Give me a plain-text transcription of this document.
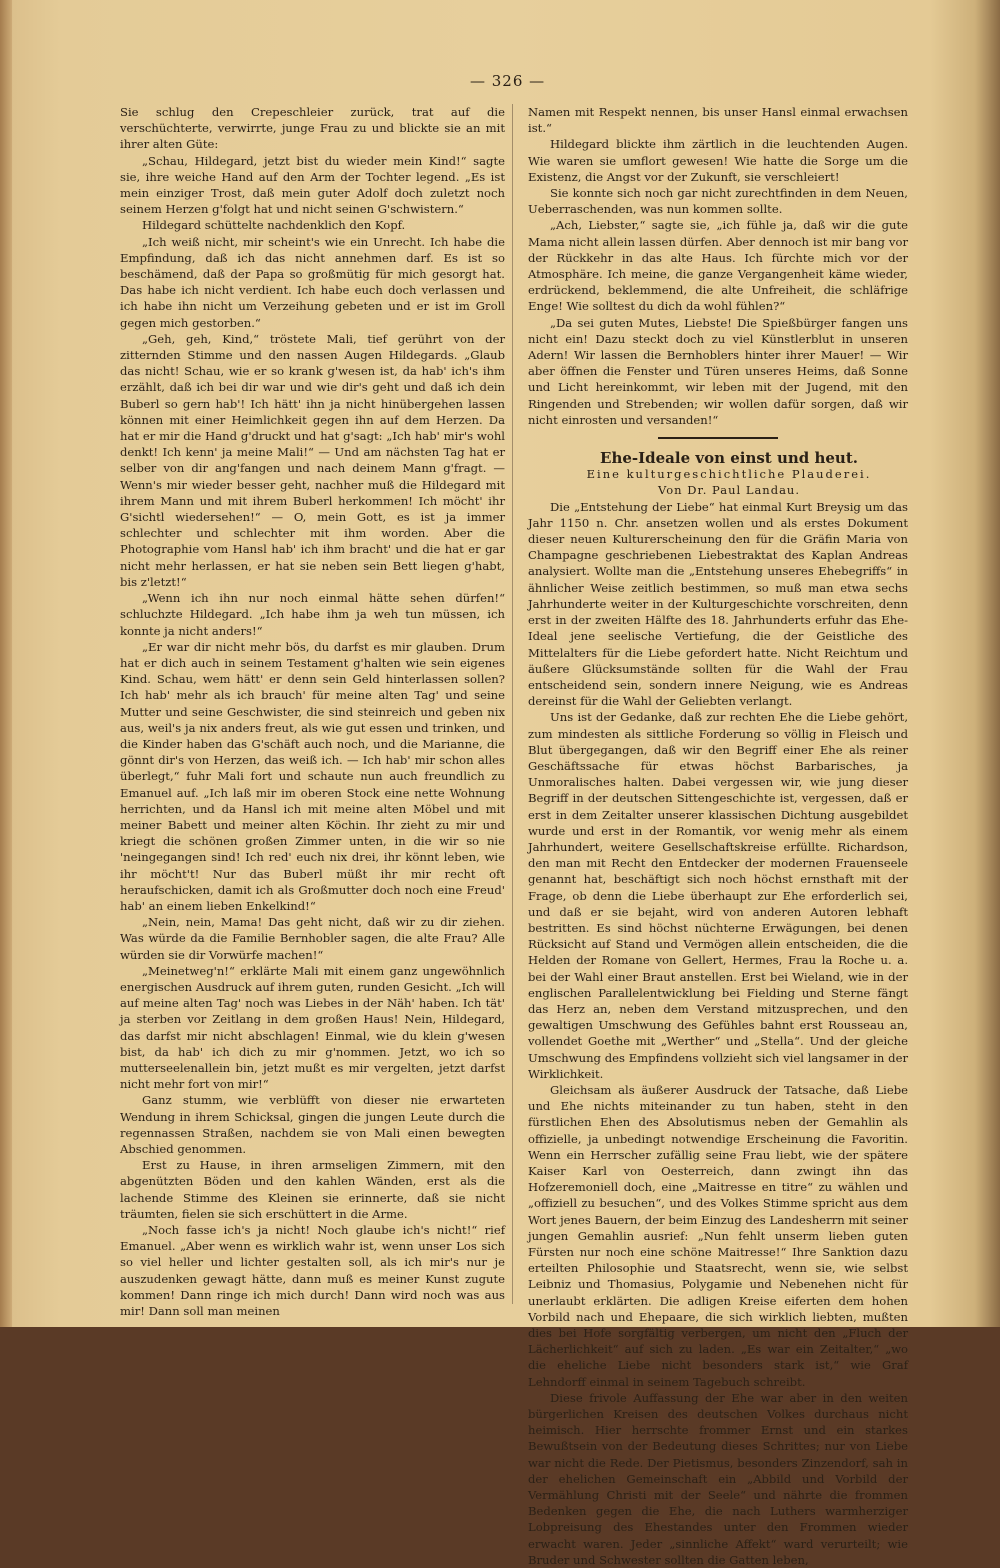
— 326 —

Sie schlug den Crepeschleier zurück, trat auf die verschüchterte, verwirrte, junge Frau zu und blickte sie an mit ihrer alten Güte:

„Schau, Hildegard, jetzt bist du wieder mein Kind!“ sagte sie, ihre weiche Hand auf den Arm der Tochter legend. „Es ist mein einziger Trost, daß mein guter Adolf doch zuletzt noch seinem Herzen g'folgt hat und nicht seinen G'schwistern.“

Hildegard schüttelte nachdenklich den Kopf.

„Ich weiß nicht, mir scheint's wie ein Unrecht. Ich habe die Empfindung, daß ich das nicht annehmen darf. Es ist so beschämend, daß der Papa so großmütig für mich gesorgt hat. Das habe ich nicht verdient. Ich habe euch doch verlassen und ich habe ihn nicht um Verzeihung gebeten und er ist im Groll gegen mich gestorben.“

„Geh, geh, Kind,“ tröstete Mali, tief gerührt von der zitternden Stimme und den nassen Augen Hildegards. „Glaub das nicht! Schau, wie er so krank g'wesen ist, da hab' ich's ihm erzählt, daß ich bei dir war und wie dir's geht und daß ich dein Buberl so gern hab'! Ich hätt' ihn ja nicht hinübergehen lassen können mit einer Heimlichkeit gegen ihn auf dem Herzen. Da hat er mir die Hand g'druckt und hat g'sagt: „Ich hab' mir's wohl denkt! Ich kenn' ja meine Mali!“ — Und am nächsten Tag hat er selber von dir ang'fangen und nach deinem Mann g'fragt. — Wenn's mir wieder besser geht, nachher muß die Hildegard mit ihrem Mann und mit ihrem Buberl herkommen! Ich möcht' ihr G'sichtl wiedersehen!“ — O, mein Gott, es ist ja immer schlechter und schlechter mit ihm worden. Aber die Photographie vom Hansl hab' ich ihm bracht' und die hat er gar nicht mehr herlassen, er hat sie neben sein Bett liegen g'habt, bis z'letzt!“

„Wenn ich ihn nur noch einmal hätte sehen dürfen!“ schluchzte Hildegard. „Ich habe ihm ja weh tun müssen, ich konnte ja nicht anders!“

„Er war dir nicht mehr bös, du darfst es mir glauben. Drum hat er dich auch in seinem Testament g'halten wie sein eigenes Kind. Schau, wem hätt' er denn sein Geld hinterlassen sollen? Ich hab' mehr als ich brauch' für meine alten Tag' und seine Mutter und seine Geschwister, die sind steinreich und geben nix aus, weil's ja nix anders freut, als wie gut essen und trinken, und die Kinder haben das G'schäft auch noch, und die Marianne, die gönnt dir's von Herzen, das weiß ich. — Ich hab' mir schon alles überlegt,“ fuhr Mali fort und schaute nun auch freundlich zu Emanuel auf. „Ich laß mir im oberen Stock eine nette Wohnung herrichten, und da Hansl ich mit meine alten Möbel und mit meiner Babett und meiner alten Köchin. Ihr zieht zu mir und kriegt die schönen großen Zimmer unten, in die wir so nie 'neingegangen sind! Ich red' euch nix drei, ihr könnt leben, wie ihr möcht't! Nur das Buberl müßt ihr mir recht oft heraufschicken, damit ich als Großmutter doch noch eine Freud' hab' an einem lieben Enkelkind!“

„Nein, nein, Mama! Das geht nicht, daß wir zu dir ziehen. Was würde da die Familie Bernhobler sagen, die alte Frau? Alle würden sie dir Vorwürfe machen!“

„Meinetweg'n!“ erklärte Mali mit einem ganz ungewöhnlich energischen Ausdruck auf ihrem guten, runden Gesicht. „Ich will auf meine alten Tag' noch was Liebes in der Näh' haben. Ich tät' ja sterben vor Zeitlang in dem großen Haus! Nein, Hildegard, das darfst mir nicht abschlagen! Einmal, wie du klein g'wesen bist, da hab' ich dich zu mir g'nommen. Jetzt, wo ich so mutterseelenallein bin, jetzt mußt es mir vergelten, jetzt darfst nicht mehr fort von mir!“

Ganz stumm, wie verblüfft von dieser nie erwarteten Wendung in ihrem Schicksal, gingen die jungen Leute durch die regennassen Straßen, nachdem sie von Mali einen bewegten Abschied genommen.

Erst zu Hause, in ihren armseligen Zimmern, mit den abgenützten Böden und den kahlen Wänden, erst als die lachende Stimme des Kleinen sie erinnerte, daß sie nicht träumten, fielen sie sich erschüttert in die Arme.

„Noch fasse ich's ja nicht! Noch glaube ich's nicht!“ rief Emanuel. „Aber wenn es wirklich wahr ist, wenn unser Los sich so viel heller und lichter gestalten soll, als ich mir's nur je auszudenken gewagt hätte, dann muß es meiner Kunst zugute kommen! Dann ringe ich mich durch! Dann wird noch was aus mir! Dann soll man meinen

Namen mit Respekt nennen, bis unser Hansl einmal erwachsen ist.“

Hildegard blickte ihm zärtlich in die leuchtenden Augen. Wie waren sie umflort gewesen! Wie hatte die Sorge um die Existenz, die Angst vor der Zukunft, sie verschleiert!

Sie konnte sich noch gar nicht zurechtfinden in dem Neuen, Ueberraschenden, was nun kommen sollte.

„Ach, Liebster,“ sagte sie, „ich fühle ja, daß wir die gute Mama nicht allein lassen dürfen. Aber dennoch ist mir bang vor der Rückkehr in das alte Haus. Ich fürchte mich vor der Atmosphäre. Ich meine, die ganze Vergangenheit käme wieder, erdrückend, beklemmend, die alte Unfreiheit, die schläfrige Enge! Wie solltest du dich da wohl fühlen?“

„Da sei guten Mutes, Liebste! Die Spießbürger fangen uns nicht ein! Dazu steckt doch zu viel Künstlerblut in unseren Adern! Wir lassen die Bernhoblers hinter ihrer Mauer! — Wir aber öffnen die Fenster und Türen unseres Heims, daß Sonne und Licht hereinkommt, wir leben mit der Jugend, mit den Ringenden und Strebenden; wir wollen dafür sorgen, daß wir nicht einrosten und versanden!“

Ehe-Ideale von einst und heut.

Eine kulturgeschichtliche Plauderei.

Von Dr. Paul Landau.

Die „Entstehung der Liebe“ hat einmal Kurt Breysig um das Jahr 1150 n. Chr. ansetzen wollen und als erstes Dokument dieser neuen Kulturerscheinung den für die Gräfin Maria von Champagne geschriebenen Liebestraktat des Kaplan Andreas analysiert. Wollte man die „Entstehung unseres Ehebegriffs“ in ähnlicher Weise zeitlich bestimmen, so muß man etwa sechs Jahrhunderte weiter in der Kulturgeschichte vorschreiten, denn erst in der zweiten Hälfte des 18. Jahrhunderts erfuhr das Ehe-Ideal jene seelische Vertiefung, die der Geistliche des Mittelalters für die Liebe gefordert hatte. Nicht Reichtum und äußere Glücksumstände sollten für die Wahl der Frau entscheidend sein, sondern innere Neigung, wie es Andreas dereinst für die Wahl der Geliebten verlangt.

Uns ist der Gedanke, daß zur rechten Ehe die Liebe gehört, zum mindesten als sittliche Forderung so völlig in Fleisch und Blut übergegangen, daß wir den Begriff einer Ehe als reiner Geschäftssache für etwas höchst Barbarisches, ja Unmoralisches halten. Dabei vergessen wir, wie jung dieser Begriff in der deutschen Sittengeschichte ist, vergessen, daß er erst in dem Zeitalter unserer klassischen Dichtung ausgebildet wurde und erst in der Romantik, vor wenig mehr als einem Jahrhundert, weitere Gesellschaftskreise erfüllte. Richardson, den man mit Recht den Entdecker der modernen Frauenseele genannt hat, beschäftigt sich noch höchst ernsthaft mit der Frage, ob denn die Liebe überhaupt zur Ehe erforderlich sei, und daß er sie bejaht, wird von anderen Autoren lebhaft bestritten. Es sind höchst nüchterne Erwägungen, bei denen Rücksicht auf Stand und Vermögen allein entscheiden, die die Helden der Romane von Gellert, Hermes, Frau la Roche u. a. bei der Wahl einer Braut anstellen. Erst bei Wieland, wie in der englischen Parallelentwicklung bei Fielding und Sterne fängt das Herz an, neben dem Verstand mitzusprechen, und den gewaltigen Umschwung des Gefühles bahnt erst Rousseau an, vollendet Goethe mit „Werther“ und „Stella“. Und der gleiche Umschwung des Empfindens vollzieht sich viel langsamer in der Wirklichkeit.

Gleichsam als äußerer Ausdruck der Tatsache, daß Liebe und Ehe nichts miteinander zu tun haben, steht in den fürstlichen Ehen des Absolutismus neben der Gemahlin als offizielle, ja unbedingt notwendige Erscheinung die Favoritin. Wenn ein Herrscher zufällig seine Frau liebt, wie der spätere Kaiser Karl von Oesterreich, dann zwingt ihn das Hofzeremoniell doch, eine „Maitresse en titre“ zu wählen und „offiziell zu besuchen“, und des Volkes Stimme spricht aus dem Wort jenes Bauern, der beim Einzug des Landesherrn mit seiner jungen Gemahlin ausrief: „Nun fehlt unserm lieben guten Fürsten nur noch eine schöne Maitresse!“ Ihre Sanktion dazu erteilten Philosophie und Staatsrecht, wenn sie, wie selbst Leibniz und Thomasius, Polygamie und Nebenehen nicht für unerlaubt erklärten. Die adligen Kreise eiferten dem hohen Vorbild nach und Ehepaare, die sich wirklich liebten, mußten dies bei Hofe sorgfältig verbergen, um nicht den „Fluch der Lächerlichkeit“ auf sich zu laden. „Es war ein Zeitalter,“ „wo die eheliche Liebe nicht besonders stark ist,“ wie Graf Lehndorff einmal in seinem Tagebuch schreibt.

Diese frivole Auffassung der Ehe war aber in den weiten bürgerlichen Kreisen des deutschen Volkes durchaus nicht heimisch. Hier herrschte frommer Ernst und ein starkes Bewußtsein von der Bedeutung dieses Schrittes; nur von Liebe war nicht die Rede. Der Pietismus, besonders Zinzendorf, sah in der ehelichen Gemeinschaft ein „Abbild und Vorbild der Vermählung Christi mit der Seele“ und nährte die frommen Bedenken gegen die Ehe, die nach Luthers warmherziger Lobpreisung des Ehestandes unter den Frommen wieder erwacht waren. Jeder „sinnliche Affekt“ ward verurteilt; wie Bruder und Schwester sollten die Gatten leben,
